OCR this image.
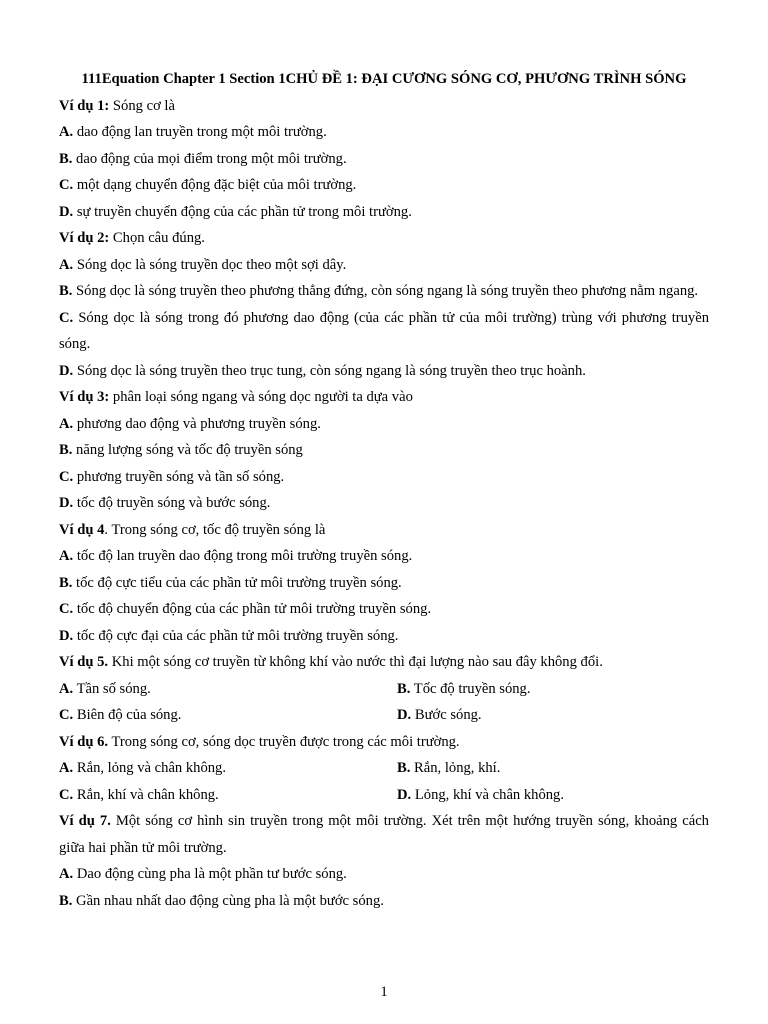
111Equation Chapter 1 Section 1CHỦ ĐỀ 1: ĐẠI CƯƠNG SÓNG CƠ, PHƯƠNG TRÌNH SÓNG
Ví dụ 1: Sóng cơ là
A. dao động lan truyền trong một môi trường.
B. dao động của mọi điểm trong một môi trường.
C. một dạng chuyển động đặc biệt của môi trường.
D. sự truyền chuyển động của các phần tử trong môi trường.
Ví dụ 2: Chọn câu đúng.
A. Sóng dọc là sóng truyền dọc theo một sợi dây.
B. Sóng dọc là sóng truyền theo phương thẳng đứng, còn sóng ngang là sóng truyền theo phương nằm ngang.
C. Sóng dọc là sóng trong đó phương dao động (của các phần tử của môi trường) trùng với phương truyền sóng.
D. Sóng dọc là sóng truyền theo trục tung, còn sóng ngang là sóng truyền theo trục hoành.
Ví dụ 3: phân loại sóng ngang và sóng dọc người ta dựa vào
A. phương dao động và phương truyền sóng.
B. năng lượng sóng và tốc độ truyền sóng
C. phương truyền sóng và tần số sóng.
D. tốc độ truyền sóng và bước sóng.
Ví dụ 4. Trong sóng cơ, tốc độ truyền sóng là
A. tốc độ lan truyền dao động trong môi trường truyền sóng.
B. tốc độ cực tiểu của các phần tử môi trường truyền sóng.
C. tốc độ chuyển động của các phần tử môi trường truyền sóng.
D. tốc độ cực đại của các phần tử môi trường truyền sóng.
Ví dụ 5. Khi một sóng cơ truyền từ không khí vào nước thì đại lượng nào sau đây không đổi.
A. Tần số sóng.	B. Tốc độ truyền sóng.
C. Biên độ của sóng.	D. Bước sóng.
Ví dụ 6. Trong sóng cơ, sóng dọc truyền được trong các môi trường.
A. Rắn, lỏng và chân không.	B. Rắn, lỏng, khí.
C. Rắn, khí và chân không.	D. Lỏng, khí và chân không.
Ví dụ 7. Một sóng cơ hình sin truyền trong một môi trường. Xét trên một hướng truyền sóng, khoảng cách giữa hai phần tử môi trường.
A. Dao động cùng pha là một phần tư bước sóng.
B. Gần nhau nhất dao động cùng pha là một bước sóng.
1
